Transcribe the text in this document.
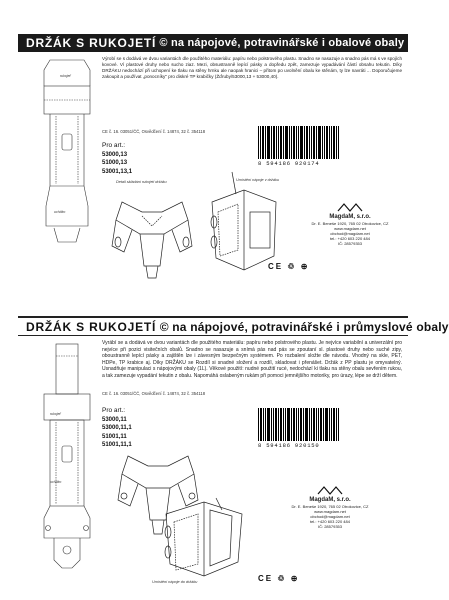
DRŽÁK S RUKOJETÍ
© na nápojové, potravinářské i obalové obaly
rukojeť
uchítko
Výrobí se s dodává ve dvou variantách dle použitého materiálu: papíru nebo polstrového plastu. Snadno se nasazuje a snadno pás má s ve spojích kovové. Ví plastové druhy nebo sucho ziaz. Mezi, obsustranně lepící pásky a dopředu zpět, zamezuje vypadávání částí obsahu tekutin. Díky DRŽÁKU nedochází při uchopení ke tlaku na stěny hrnku ale naopak hranici – přitom po uvolnění obalu ke stěnám, ty lze navráti ... Doporučujeme zakoupit a používat „ponocníky" pro diskré TP krabičky (Žďruby/53000,13 + 53000,40).
CE č. 16. 03051/ČČ, Osvědčení č. 14874, 32 č. 354118
Pro art.:
53000,13
51000,13
53001,13,1
8 594186 920174
Detail skládání rukojeti držáku	Umístění nápoje v držáku
MagdaM, s.r.o.
Dr. E. Beneše 1920, 765 02 Otrokovice, CZ
www.magdam.net
obchod@magdam.net
tel.: +420 603 220 484
IČ: 28579353
CE ♲ ⊕
DRŽÁK S RUKOJETÍ
© na nápojové, potravinářské i průmyslové obaly
rukojeť
uchítko
Vyrábí se a dodává ve dvou variantách dle použitého materiálu: papíru nebo polstrového plastu. Je nejvíce variabilní a univerzální pro nejvíce při pozici visitečních obalů. Snadno se nasazuje a snímá pás nad pás se zpoutaní sl. plastové druhy nebo suché zipy, oboustranně lepící pásky a zajištěn lze i závesným bezpečným systémem. Po rozbalení složte dle návodu. Vhodný na skle, PET, HDPe, TP krabice aj. Díky DRŽÁKU se Rozdíl si snadné složení a rozdíl, skladovat i přenášet. Držák z PP plastu je omyvatelný. Usnadňuje manipulaci s nápojovými obaly (1L). Věkové použití: nudné použití rucé, nedochází ki tlaku na stěny obalu sevřením rukou, a tak zamezuje vypadání tekutin z obalu. Napomáhá oslabeným rukám při pomoci jemnějšího motoriky, pro úrazy, lépe se drží dětem.
CE č. 16. 03051/ČČ, Osvědčení č. 14874, 32 č. 354118
Pro art.:
53000,11
53000,11,1
51001,11
51001,11,1	8 594186 920150
Umístění nápoje do držáku
MagdaM, s.r.o.
Dr. E. Beneše 1920, 765 02 Otrokovice, CZ
www.magdam.net
obchod@magdam.net
tel.: +420 603 220 484
IČ: 28579353
CE ♲ ⊕
